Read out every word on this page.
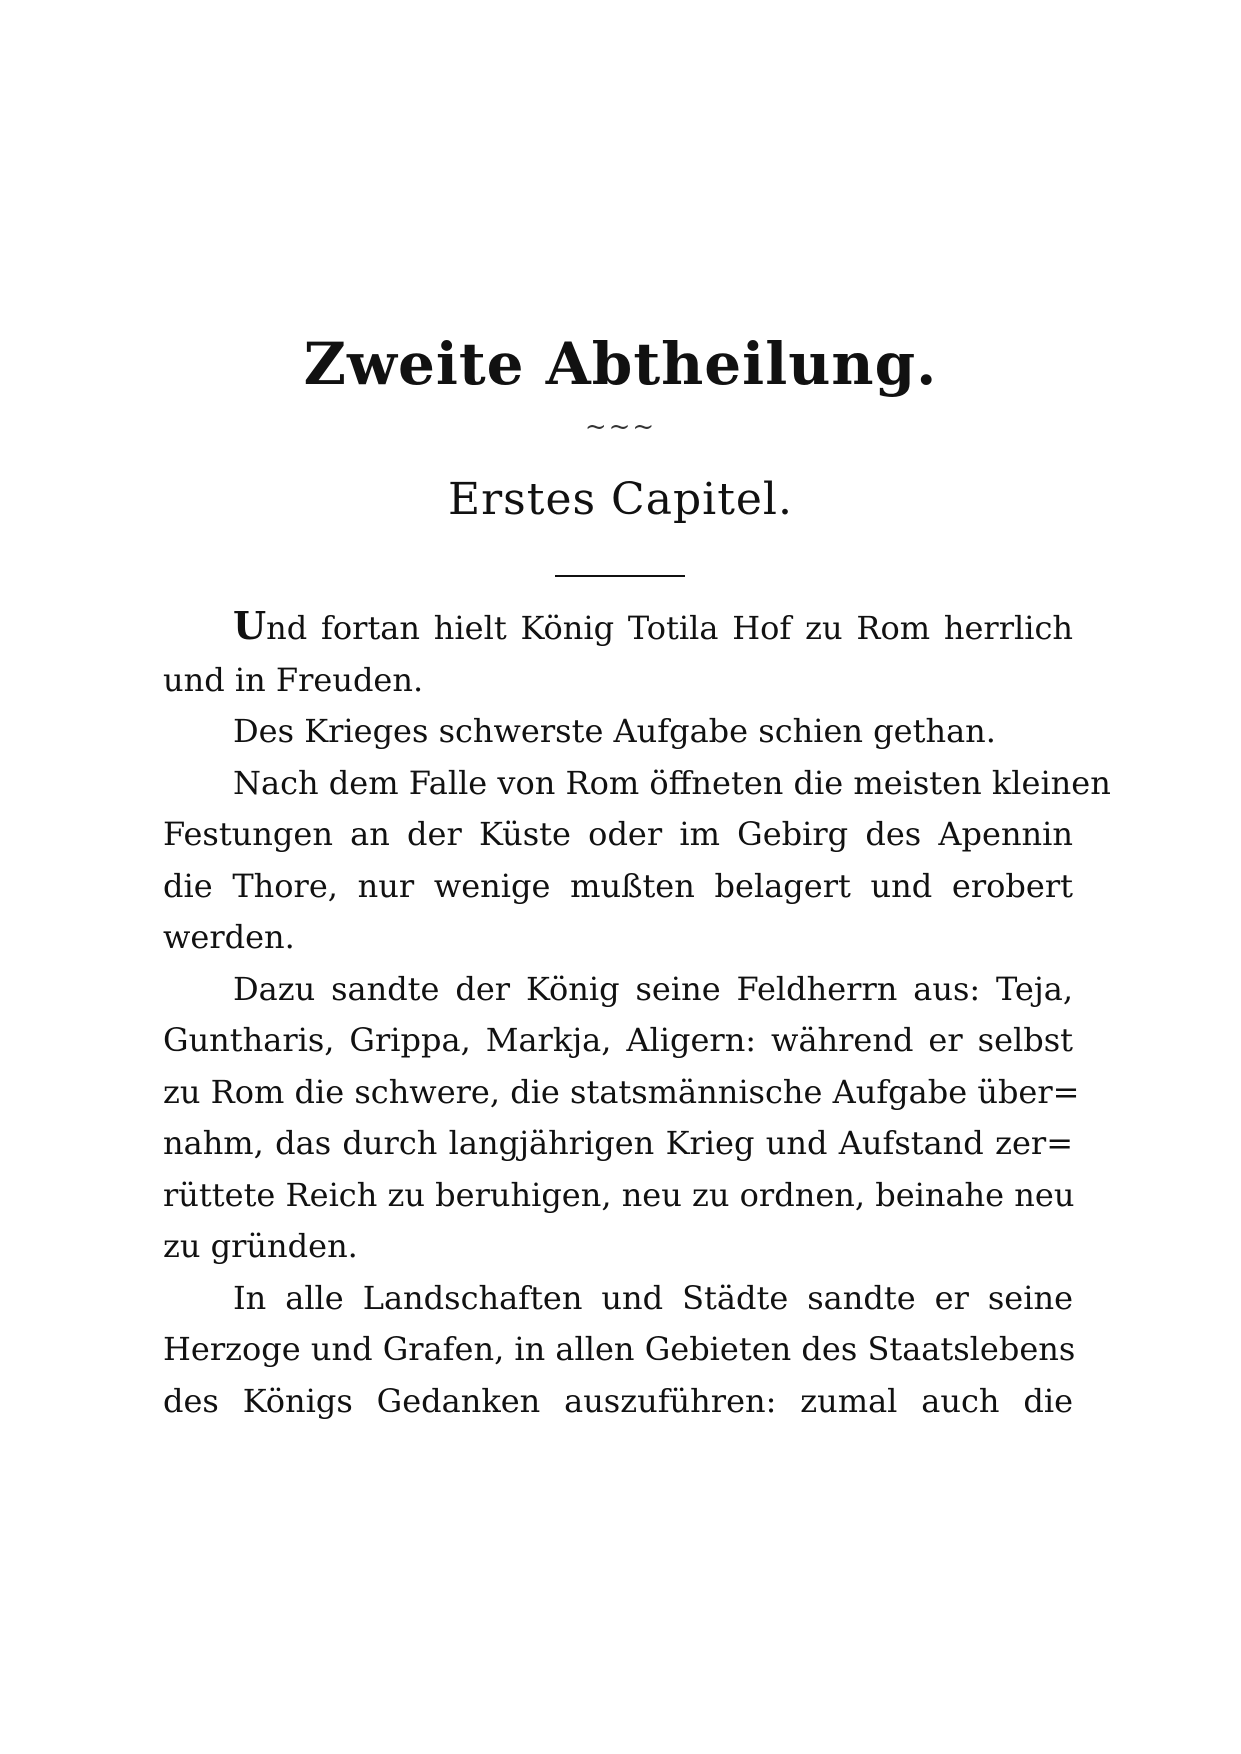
Zweite Abtheilung.
~~~
Erstes Capitel.
Und fortan hielt König Totila Hof zu Rom herrlich
und in Freuden.
Des Krieges schwerste Aufgabe schien gethan.
Nach dem Falle von Rom öffneten die meisten kleinen
Festungen an der Küste oder im Gebirg des Apennin
die Thore, nur wenige mußten belagert und erobert
werden.
Dazu sandte der König seine Feldherrn aus: Teja,
Guntharis, Grippa, Markja, Aligern: während er selbst
zu Rom die schwere, die statsmännische Aufgabe über=
nahm, das durch langjährigen Krieg und Aufstand zer=
rüttete Reich zu beruhigen, neu zu ordnen, beinahe neu
zu gründen.
In alle Landschaften und Städte sandte er seine
Herzoge und Grafen, in allen Gebieten des Staatslebens
des Königs Gedanken auszuführen: zumal auch die
